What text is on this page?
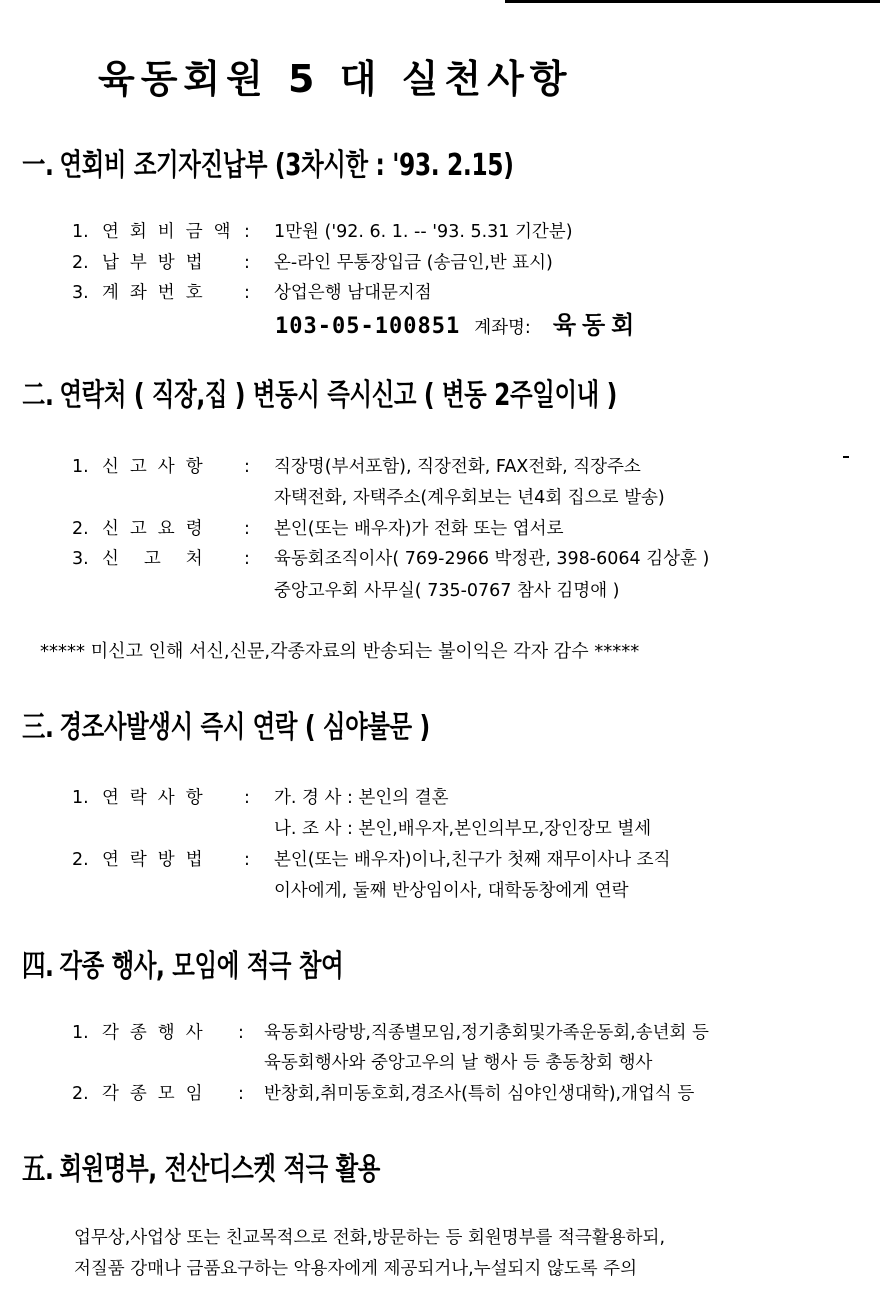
육동회원 5 대 실천사항
一. 연회비 조기자진납부 (3차시한 : '93. 2.15)
1. 연회비금액 : 1만원 ('92. 6. 1. -- '93. 5.31 기간분)
2. 납부방법 : 온-라인 무통장입금 (송금인,반 표시)
3. 계좌번호 : 상업은행 남대문지점
103-05-100851 계좌명: 육동회
二. 연락처 ( 직장,집 ) 변동시 즉시신고 ( 변동 2주일이내 )
1. 신고사항 : 직장명(부서포함), 직장전화, FAX전화, 직장주소
자택전화, 자택주소(계우회보는 년4회 집으로 발송)
2. 신고요령 : 본인(또는 배우자)가 전화 또는 엽서로
3. 신고처 : 육동회조직이사( 769-2966 박정관, 398-6064 김상훈 )
중앙고우회 사무실( 735-0767 참사 김명애 )
***** 미신고 인해 서신,신문,각종자료의 반송되는 불이익은 각자 감수 *****
三. 경조사발생시 즉시 연락 ( 심야불문 )
1. 연락사항 : 가. 경 사 : 본인의 결혼
나. 조 사 : 본인,배우자,본인의부모,장인장모 별세
2. 연락방법 : 본인(또는 배우자)이나,친구가 첫째 재무이사나 조직
이사에게, 둘째 반상임이사, 대학동창에게 연락
四. 각종 행사, 모임에 적극 참여
1. 각종행사 : 육동회사랑방,직종별모임,정기총회및가족운동회,송년회 등
육동회행사와 중앙고우의 날 행사 등 총동창회 행사
2. 각종모임 : 반창회,취미동호회,경조사(특히 심야인생대학),개업식 등
五. 회원명부, 전산디스켓 적극 활용
업무상,사업상 또는 친교목적으로 전화,방문하는 등 회원명부를 적극활용하되,
저질품 강매나 금품요구하는 악용자에게 제공되거나,누설되지 않도록 주의
